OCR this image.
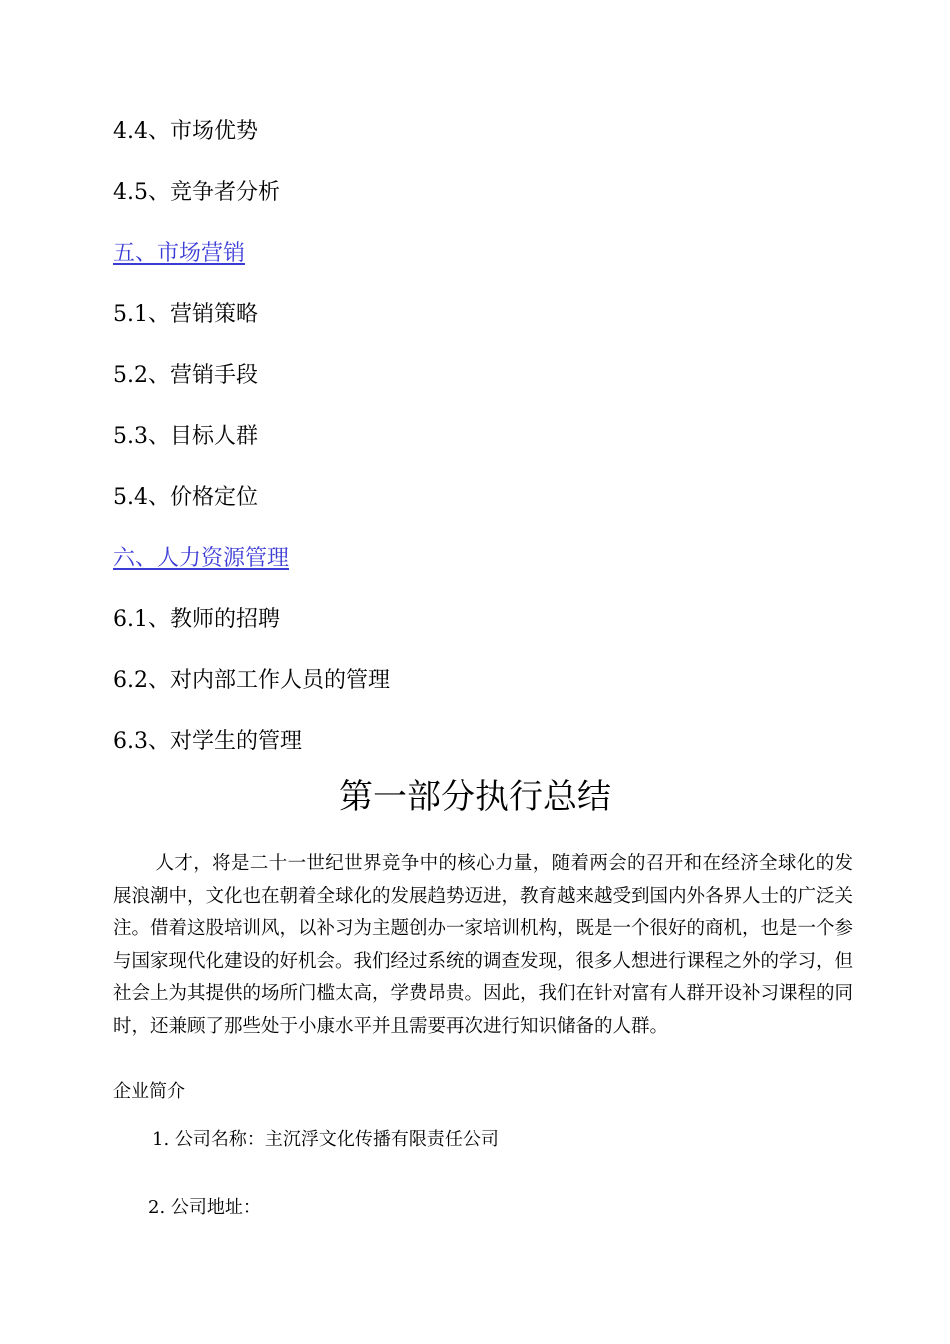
4.4、市场优势
4.5、竞争者分析
五、市场营销
5.1、营销策略
5.2、营销手段
5.3、目标人群
5.4、价格定位
六、人力资源管理
6.1、教师的招聘
6.2、对内部工作人员的管理
6.3、对学生的管理
第一部分执行总结

人才，将是二十一世纪世界竞争中的核心力量，随着两会的召开和在经济全球化的发展浪潮中，文化也在朝着全球化的发展趋势迈进，教育越来越受到国内外各界人士的广泛关注。借着这股培训风，以补习为主题创办一家培训机构，既是一个很好的商机，也是一个参与国家现代化建设的好机会。我们经过系统的调查发现，很多人想进行课程之外的学习，但社会上为其提供的场所门槛太高，学费昂贵。因此，我们在针对富有人群开设补习课程的同时，还兼顾了那些处于小康水平并且需要再次进行知识储备的人群。

企业简介
1. 公司名称：主沉浮文化传播有限责任公司
2. 公司地址：
